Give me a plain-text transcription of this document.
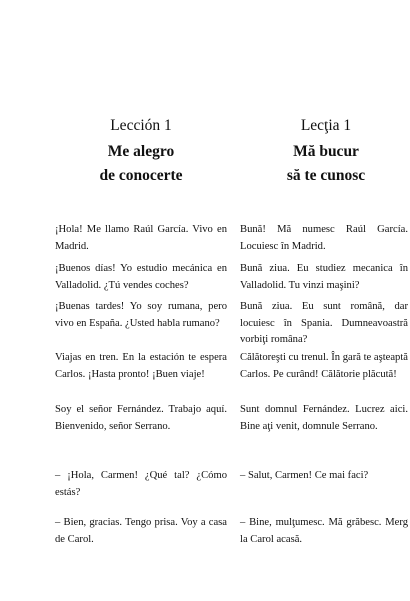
Lección 1
Me alegro
de conocerte

¡Hola! Me llamo Raúl García. Vivo en Madrid.

¡Buenos días! Yo estudio mecánica en Valladolid. ¿Tú vendes coches?

¡Buenas tardes! Yo soy rumana, pero vivo en España. ¿Usted habla rumano?

Viajas en tren. En la estación te espera Carlos. ¡Hasta pronto! ¡Buen viaje!

Soy el señor Fernández. Trabajo aquí. Bienvenido, señor Serrano.

– ¡Hola, Carmen! ¿Qué tal? ¿Cómo estás?

– Bien, gracias. Tengo prisa. Voy a casa de Carol.

Lecţia 1
Mă bucur
să te cunosc

Bună! Mă numesc Raúl García. Locuiesc în Madrid.

Bună ziua. Eu studiez mecanica în Valladolid. Tu vinzi maşini?

Bună ziua. Eu sunt română, dar locuiesc în Spania. Dumneavoastră vorbiţi româna?

Călătoreşti cu trenul. În gară te aşteaptă Carlos. Pe curând! Călătorie plăcută!

Sunt domnul Fernández. Lucrez aici. Bine aţi venit, domnule Serrano.

– Salut, Carmen! Ce mai faci?

– Bine, mulţumesc. Mă grăbesc. Merg la Carol acasă.
